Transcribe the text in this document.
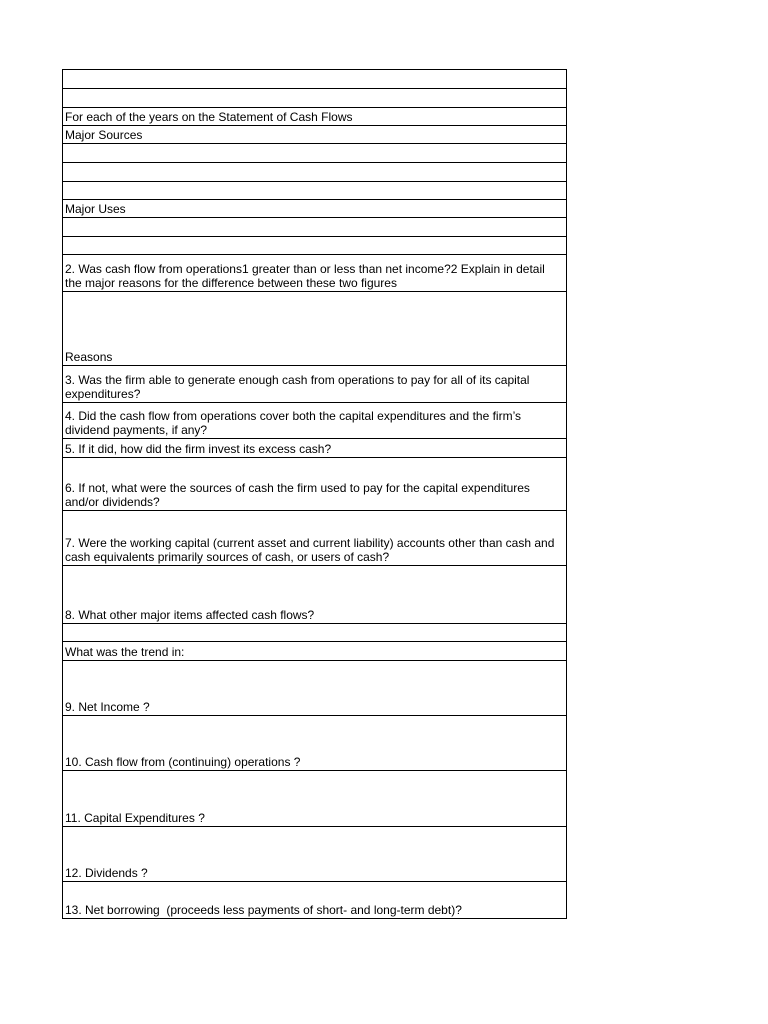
For each of the years on the Statement of Cash Flows
Major Sources
Major Uses
2. Was cash flow from operations1 greater than or less than net income?2 Explain in detail the major reasons for the difference between these two figures
Reasons
3. Was the firm able to generate enough cash from operations to pay for all of its capital expenditures?
4. Did the cash flow from operations cover both the capital expenditures and the firm’s dividend payments, if any?
5. If it did, how did the firm invest its excess cash?
6. If not, what were the sources of cash the firm used to pay for the capital expenditures and/or dividends?
7. Were the working capital (current asset and current liability) accounts other than cash and cash equivalents primarily sources of cash, or users of cash?
8. What other major items affected cash flows?
What was the trend in:
9. Net Income ?
10. Cash flow from (continuing) operations ?
11. Capital Expenditures ?
12. Dividends ?
13. Net borrowing  (proceeds less payments of short- and long-term debt)?
